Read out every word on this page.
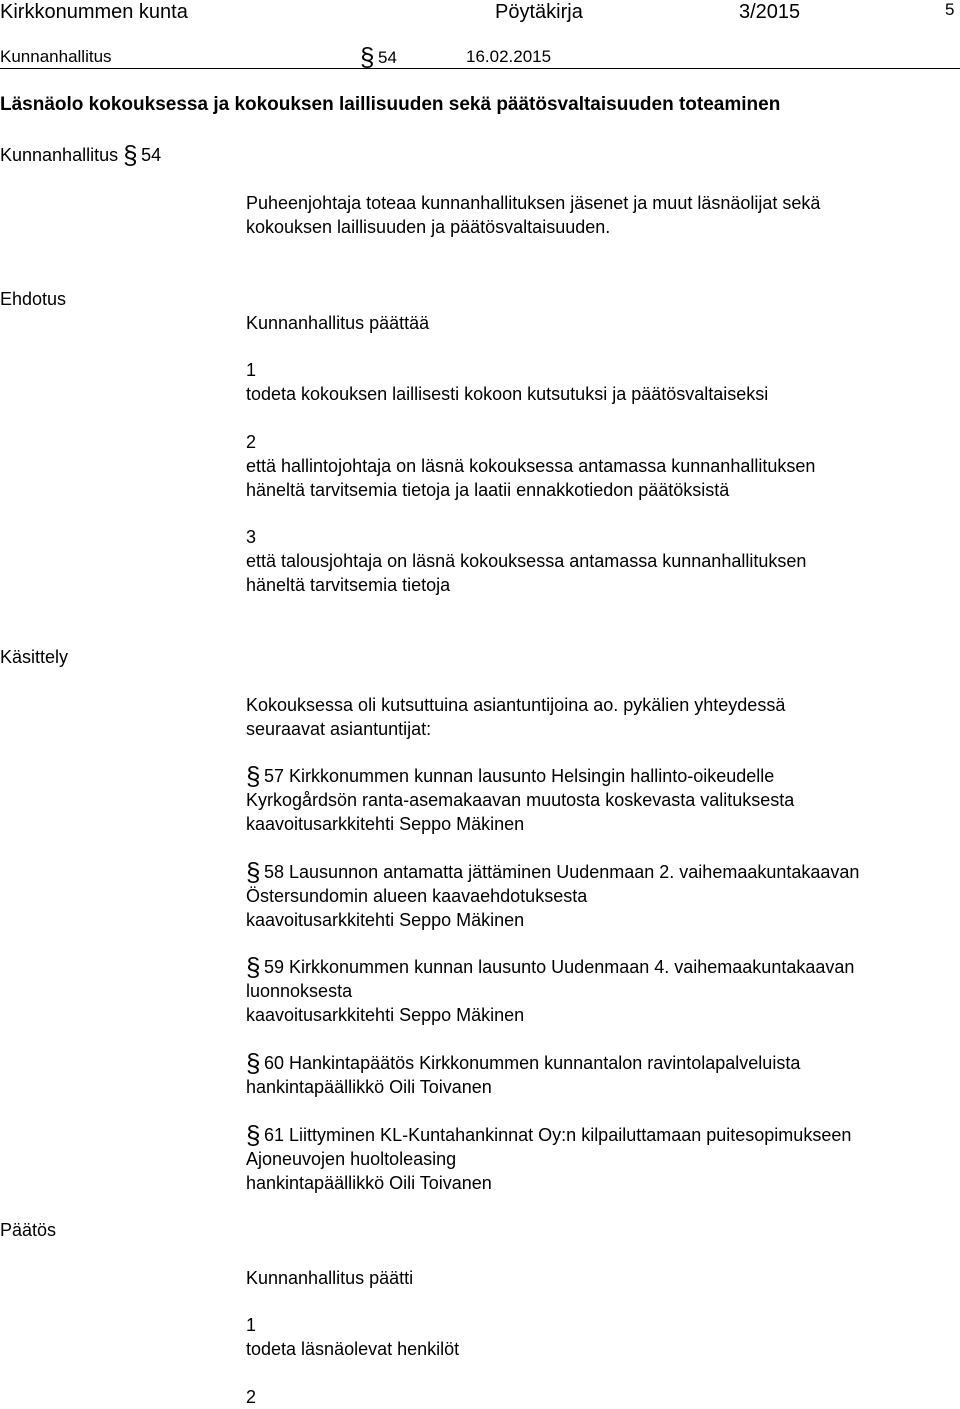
Kirkkonummen kunta	Pöytäkirja	3/2015	5
Kunnanhallitus	§ 54	16.02.2015
Läsnäolo kokouksessa ja kokouksen laillisuuden sekä päätösvaltaisuuden toteaminen
Kunnanhallitus § 54
Puheenjohtaja toteaa kunnanhallituksen jäsenet ja muut läsnäolijat sekä
kokouksen laillisuuden ja päätösvaltaisuuden.
Ehdotus
Kunnanhallitus päättää
1
todeta kokouksen laillisesti kokoon kutsutuksi ja päätösvaltaiseksi
2
että hallintojohtaja on läsnä kokouksessa antamassa kunnanhallituksen
häneltä tarvitsemia tietoja ja laatii ennakkotiedon päätöksistä
3
että talousjohtaja on läsnä kokouksessa antamassa kunnanhallituksen
häneltä tarvitsemia tietoja
Käsittely
Kokouksessa oli kutsuttuina asiantuntijoina ao. pykälien yhteydessä
seuraavat asiantuntijat:
§ 57 Kirkkonummen kunnan lausunto Helsingin hallinto-oikeudelle
Kyrkogårdsön ranta-asemakaavan muutosta koskevasta valituksesta
kaavoitusarkkitehti Seppo Mäkinen
§ 58 Lausunnon antamatta jättäminen Uudenmaan 2. vaihemaakuntakaavan
Östersundomin alueen kaavaehdotuksesta
kaavoitusarkkitehti Seppo Mäkinen
§ 59 Kirkkonummen kunnan lausunto Uudenmaan 4. vaihemaakuntakaavan
luonnoksesta
kaavoitusarkkitehti Seppo Mäkinen
§ 60 Hankintapäätös Kirkkonummen kunnantalon ravintolapalveluista
hankintapäällikkö Oili Toivanen
§ 61 Liittyminen KL-Kuntahankinnat Oy:n kilpailuttamaan puitesopimukseen
Ajoneuvojen huoltoleasing
hankintapäällikkö Oili Toivanen
Päätös
Kunnanhallitus päätti
1
todeta läsnäolevat henkilöt
2
